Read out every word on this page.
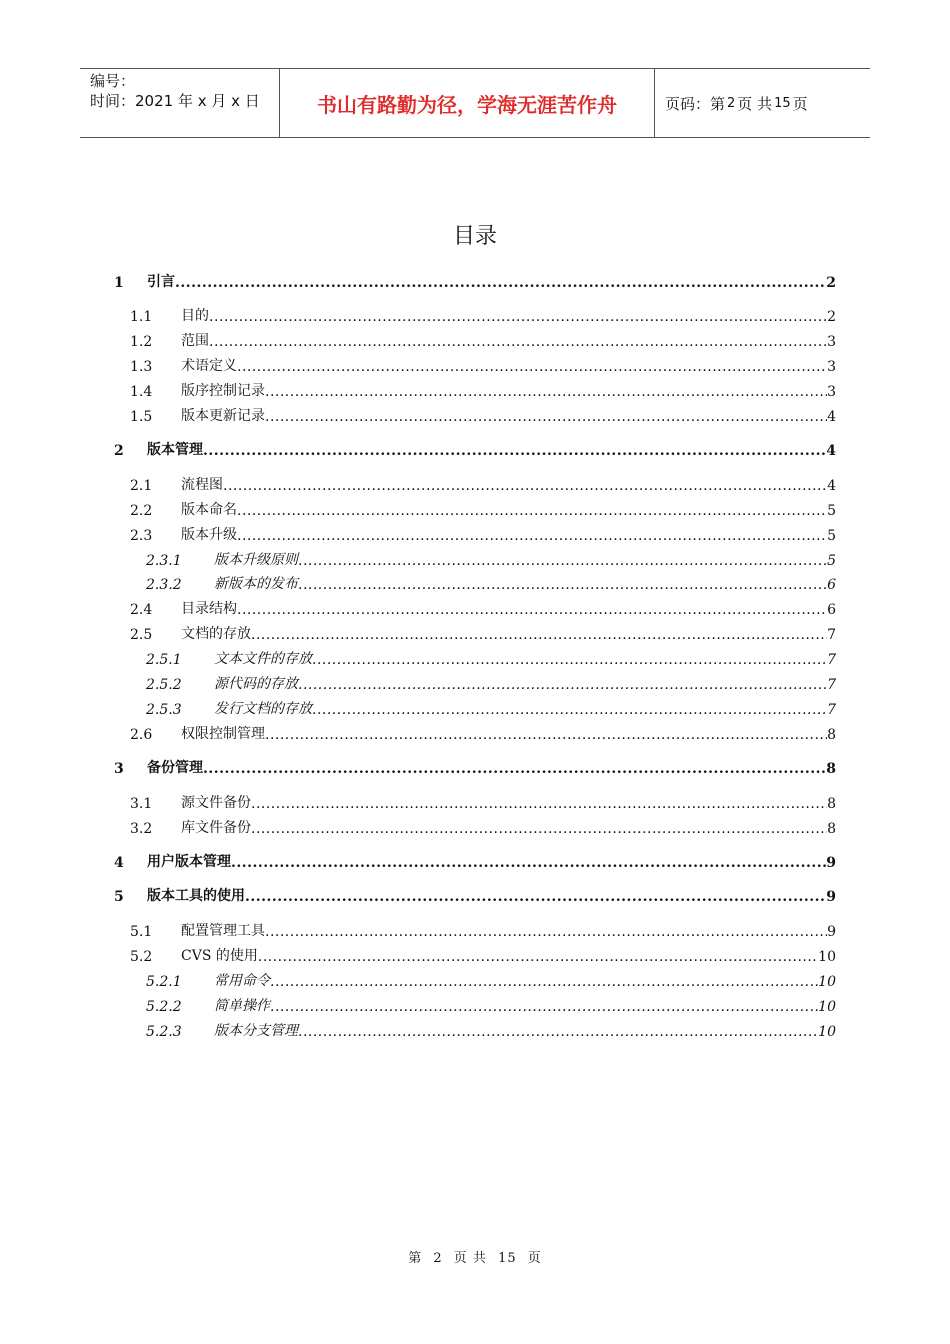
编号：
时间：2021 年 x 月 x 日	书山有路勤为径，学海无涯苦作舟	页码：第 2 页 共 15 页
目录
1 引言 .....	2
1.1 目的 .....	2
1.2 范围 .....	3
1.3 术语定义 .....	3
1.4 版序控制记录 .....	3
1.5 版本更新记录 .....	4
2 版本管理 .....	4
2.1 流程图 .....	4
2.2 版本命名 .....	5
2.3 版本升级 .....	5
2.3.1 版本升级原则 .....	5
2.3.2 新版本的发布 .....	6
2.4 目录结构 .....	6
2.5 文档的存放 .....	7
2.5.1 文本文件的存放 .....	7
2.5.2 源代码的存放 .....	7
2.5.3 发行文档的存放 .....	7
2.6 权限控制管理 .....	8
3 备份管理 .....	8
3.1 源文件备份 .....	8
3.2 库文件备份 .....	8
4 用户版本管理 .....	9
5 版本工具的使用 .....	9
5.1 配置管理工具 .....	9
5.2 CVS 的使用 .....	10
5.2.1 常用命令 .....	10
5.2.2 简单操作 .....	10
5.2.3 版本分支管理 .....	10
第 2 页 共 15 页
